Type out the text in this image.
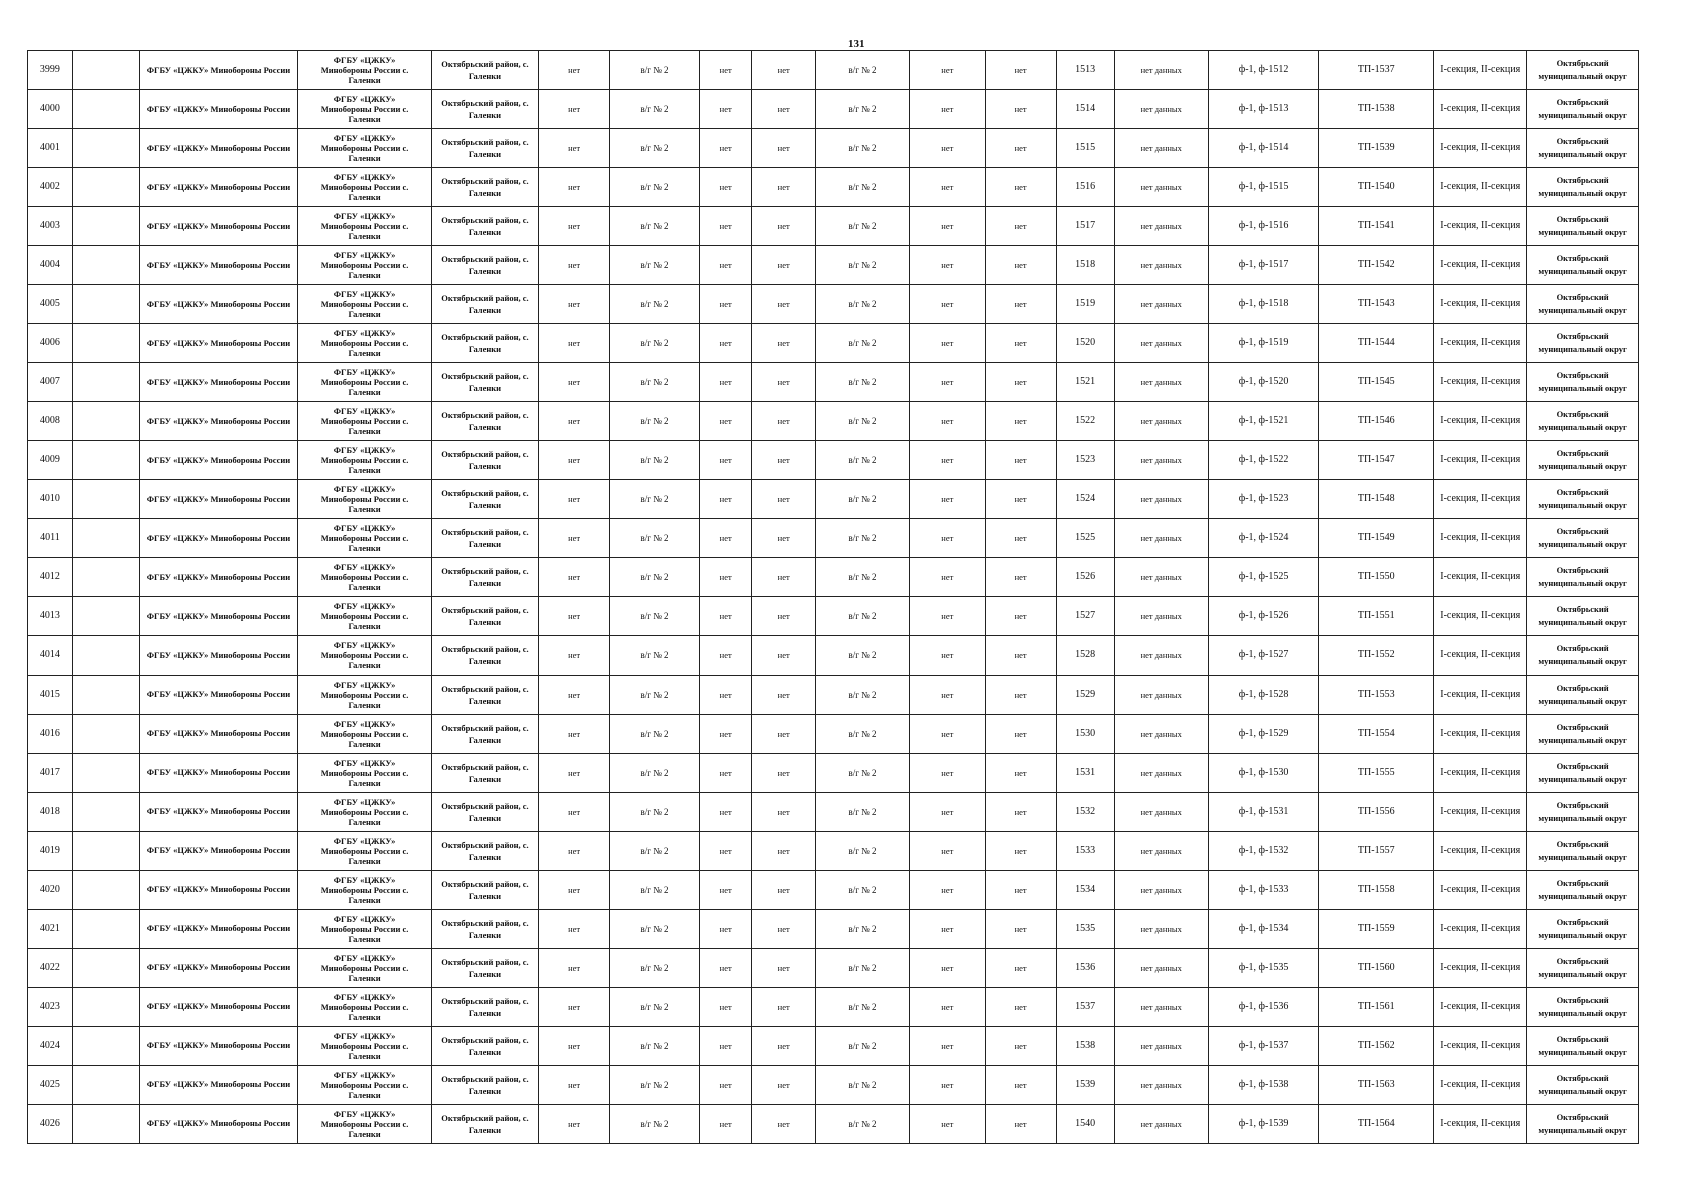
131
3999		ФГБУ «ЦЖКУ» Минобороны России	ФГБУ «ЦЖКУ»
Минобороны России с.
Галенки	Октябрьский район, с. Галенки	нет	в/г № 2	нет	нет	в/г № 2	нет	нет	1513	нет данных	ф-1, ф-1512	ТП-1537	I-секция, II-секция	Октябрьский муниципальный округ
4000		ФГБУ «ЦЖКУ» Минобороны России	ФГБУ «ЦЖКУ»
Минобороны России с.
Галенки	Октябрьский район, с. Галенки	нет	в/г № 2	нет	нет	в/г № 2	нет	нет	1514	нет данных	ф-1, ф-1513	ТП-1538	I-секция, II-секция	Октябрьский муниципальный округ
4001		ФГБУ «ЦЖКУ» Минобороны России	ФГБУ «ЦЖКУ»
Минобороны России с.
Галенки	Октябрьский район, с. Галенки	нет	в/г № 2	нет	нет	в/г № 2	нет	нет	1515	нет данных	ф-1, ф-1514	ТП-1539	I-секция, II-секция	Октябрьский муниципальный округ
4002		ФГБУ «ЦЖКУ» Минобороны России	ФГБУ «ЦЖКУ»
Минобороны России с.
Галенки	Октябрьский район, с. Галенки	нет	в/г № 2	нет	нет	в/г № 2	нет	нет	1516	нет данных	ф-1, ф-1515	ТП-1540	I-секция, II-секция	Октябрьский муниципальный округ
4003		ФГБУ «ЦЖКУ» Минобороны России	ФГБУ «ЦЖКУ»
Минобороны России с.
Галенки	Октябрьский район, с. Галенки	нет	в/г № 2	нет	нет	в/г № 2	нет	нет	1517	нет данных	ф-1, ф-1516	ТП-1541	I-секция, II-секция	Октябрьский муниципальный округ
4004		ФГБУ «ЦЖКУ» Минобороны России	ФГБУ «ЦЖКУ»
Минобороны России с.
Галенки	Октябрьский район, с. Галенки	нет	в/г № 2	нет	нет	в/г № 2	нет	нет	1518	нет данных	ф-1, ф-1517	ТП-1542	I-секция, II-секция	Октябрьский муниципальный округ
4005		ФГБУ «ЦЖКУ» Минобороны России	ФГБУ «ЦЖКУ»
Минобороны России с.
Галенки	Октябрьский район, с. Галенки	нет	в/г № 2	нет	нет	в/г № 2	нет	нет	1519	нет данных	ф-1, ф-1518	ТП-1543	I-секция, II-секция	Октябрьский муниципальный округ
4006		ФГБУ «ЦЖКУ» Минобороны России	ФГБУ «ЦЖКУ»
Минобороны России с.
Галенки	Октябрьский район, с. Галенки	нет	в/г № 2	нет	нет	в/г № 2	нет	нет	1520	нет данных	ф-1, ф-1519	ТП-1544	I-секция, II-секция	Октябрьский муниципальный округ
4007		ФГБУ «ЦЖКУ» Минобороны России	ФГБУ «ЦЖКУ»
Минобороны России с.
Галенки	Октябрьский район, с. Галенки	нет	в/г № 2	нет	нет	в/г № 2	нет	нет	1521	нет данных	ф-1, ф-1520	ТП-1545	I-секция, II-секция	Октябрьский муниципальный округ
4008		ФГБУ «ЦЖКУ» Минобороны России	ФГБУ «ЦЖКУ»
Минобороны России с.
Галенки	Октябрьский район, с. Галенки	нет	в/г № 2	нет	нет	в/г № 2	нет	нет	1522	нет данных	ф-1, ф-1521	ТП-1546	I-секция, II-секция	Октябрьский муниципальный округ
4009		ФГБУ «ЦЖКУ» Минобороны России	ФГБУ «ЦЖКУ»
Минобороны России с.
Галенки	Октябрьский район, с. Галенки	нет	в/г № 2	нет	нет	в/г № 2	нет	нет	1523	нет данных	ф-1, ф-1522	ТП-1547	I-секция, II-секция	Октябрьский муниципальный округ
4010		ФГБУ «ЦЖКУ» Минобороны России	ФГБУ «ЦЖКУ»
Минобороны России с.
Галенки	Октябрьский район, с. Галенки	нет	в/г № 2	нет	нет	в/г № 2	нет	нет	1524	нет данных	ф-1, ф-1523	ТП-1548	I-секция, II-секция	Октябрьский муниципальный округ
4011		ФГБУ «ЦЖКУ» Минобороны России	ФГБУ «ЦЖКУ»
Минобороны России с.
Галенки	Октябрьский район, с. Галенки	нет	в/г № 2	нет	нет	в/г № 2	нет	нет	1525	нет данных	ф-1, ф-1524	ТП-1549	I-секция, II-секция	Октябрьский муниципальный округ
4012		ФГБУ «ЦЖКУ» Минобороны России	ФГБУ «ЦЖКУ»
Минобороны России с.
Галенки	Октябрьский район, с. Галенки	нет	в/г № 2	нет	нет	в/г № 2	нет	нет	1526	нет данных	ф-1, ф-1525	ТП-1550	I-секция, II-секция	Октябрьский муниципальный округ
4013		ФГБУ «ЦЖКУ» Минобороны России	ФГБУ «ЦЖКУ»
Минобороны России с.
Галенки	Октябрьский район, с. Галенки	нет	в/г № 2	нет	нет	в/г № 2	нет	нет	1527	нет данных	ф-1, ф-1526	ТП-1551	I-секция, II-секция	Октябрьский муниципальный округ
4014		ФГБУ «ЦЖКУ» Минобороны России	ФГБУ «ЦЖКУ»
Минобороны России с.
Галенки	Октябрьский район, с. Галенки	нет	в/г № 2	нет	нет	в/г № 2	нет	нет	1528	нет данных	ф-1, ф-1527	ТП-1552	I-секция, II-секция	Октябрьский муниципальный округ
4015		ФГБУ «ЦЖКУ» Минобороны России	ФГБУ «ЦЖКУ»
Минобороны России с.
Галенки	Октябрьский район, с. Галенки	нет	в/г № 2	нет	нет	в/г № 2	нет	нет	1529	нет данных	ф-1, ф-1528	ТП-1553	I-секция, II-секция	Октябрьский муниципальный округ
4016		ФГБУ «ЦЖКУ» Минобороны России	ФГБУ «ЦЖКУ»
Минобороны России с.
Галенки	Октябрьский район, с. Галенки	нет	в/г № 2	нет	нет	в/г № 2	нет	нет	1530	нет данных	ф-1, ф-1529	ТП-1554	I-секция, II-секция	Октябрьский муниципальный округ
4017		ФГБУ «ЦЖКУ» Минобороны России	ФГБУ «ЦЖКУ»
Минобороны России с.
Галенки	Октябрьский район, с. Галенки	нет	в/г № 2	нет	нет	в/г № 2	нет	нет	1531	нет данных	ф-1, ф-1530	ТП-1555	I-секция, II-секция	Октябрьский муниципальный округ
4018		ФГБУ «ЦЖКУ» Минобороны России	ФГБУ «ЦЖКУ»
Минобороны России с.
Галенки	Октябрьский район, с. Галенки	нет	в/г № 2	нет	нет	в/г № 2	нет	нет	1532	нет данных	ф-1, ф-1531	ТП-1556	I-секция, II-секция	Октябрьский муниципальный округ
4019		ФГБУ «ЦЖКУ» Минобороны России	ФГБУ «ЦЖКУ»
Минобороны России с.
Галенки	Октябрьский район, с. Галенки	нет	в/г № 2	нет	нет	в/г № 2	нет	нет	1533	нет данных	ф-1, ф-1532	ТП-1557	I-секция, II-секция	Октябрьский муниципальный округ
4020		ФГБУ «ЦЖКУ» Минобороны России	ФГБУ «ЦЖКУ»
Минобороны России с.
Галенки	Октябрьский район, с. Галенки	нет	в/г № 2	нет	нет	в/г № 2	нет	нет	1534	нет данных	ф-1, ф-1533	ТП-1558	I-секция, II-секция	Октябрьский муниципальный округ
4021		ФГБУ «ЦЖКУ» Минобороны России	ФГБУ «ЦЖКУ»
Минобороны России с.
Галенки	Октябрьский район, с. Галенки	нет	в/г № 2	нет	нет	в/г № 2	нет	нет	1535	нет данных	ф-1, ф-1534	ТП-1559	I-секция, II-секция	Октябрьский муниципальный округ
4022		ФГБУ «ЦЖКУ» Минобороны России	ФГБУ «ЦЖКУ»
Минобороны России с.
Галенки	Октябрьский район, с. Галенки	нет	в/г № 2	нет	нет	в/г № 2	нет	нет	1536	нет данных	ф-1, ф-1535	ТП-1560	I-секция, II-секция	Октябрьский муниципальный округ
4023		ФГБУ «ЦЖКУ» Минобороны России	ФГБУ «ЦЖКУ»
Минобороны России с.
Галенки	Октябрьский район, с. Галенки	нет	в/г № 2	нет	нет	в/г № 2	нет	нет	1537	нет данных	ф-1, ф-1536	ТП-1561	I-секция, II-секция	Октябрьский муниципальный округ
4024		ФГБУ «ЦЖКУ» Минобороны России	ФГБУ «ЦЖКУ»
Минобороны России с.
Галенки	Октябрьский район, с. Галенки	нет	в/г № 2	нет	нет	в/г № 2	нет	нет	1538	нет данных	ф-1, ф-1537	ТП-1562	I-секция, II-секция	Октябрьский муниципальный округ
4025		ФГБУ «ЦЖКУ» Минобороны России	ФГБУ «ЦЖКУ»
Минобороны России с.
Галенки	Октябрьский район, с. Галенки	нет	в/г № 2	нет	нет	в/г № 2	нет	нет	1539	нет данных	ф-1, ф-1538	ТП-1563	I-секция, II-секция	Октябрьский муниципальный округ
4026		ФГБУ «ЦЖКУ» Минобороны России	ФГБУ «ЦЖКУ»
Минобороны России с.
Галенки	Октябрьский район, с. Галенки	нет	в/г № 2	нет	нет	в/г № 2	нет	нет	1540	нет данных	ф-1, ф-1539	ТП-1564	I-секция, II-секция	Октябрьский муниципальный округ
